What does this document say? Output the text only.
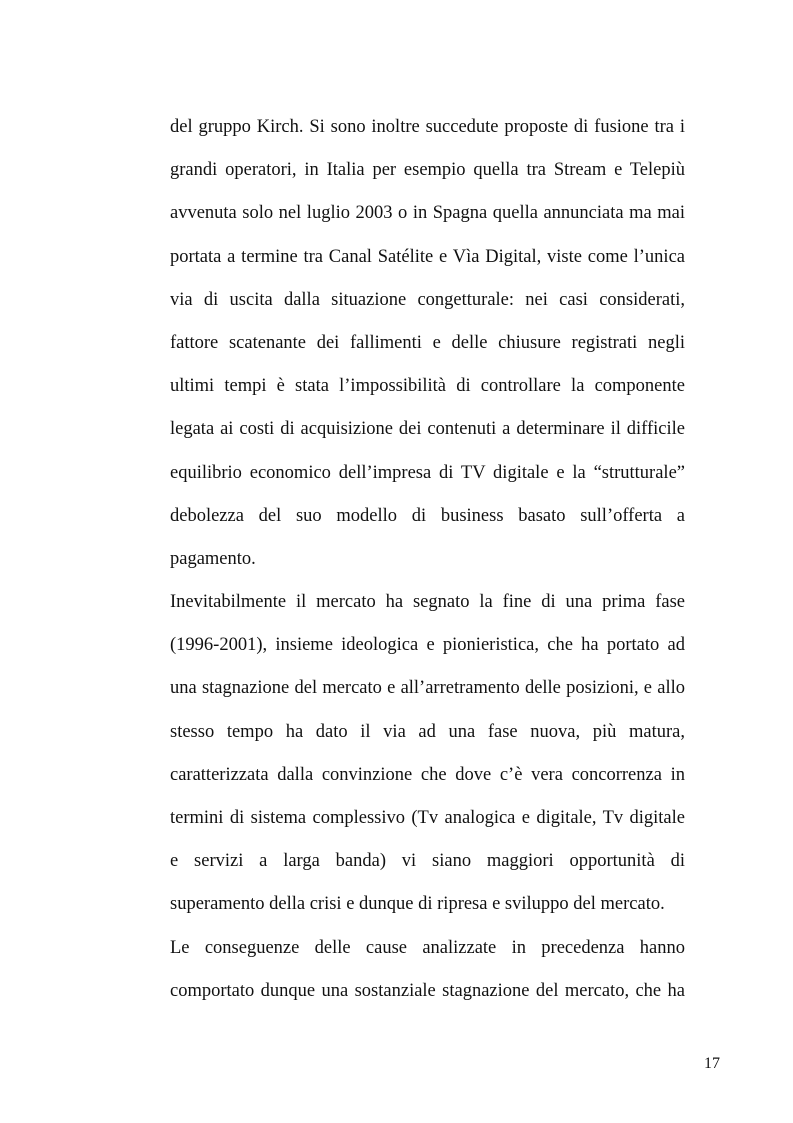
del gruppo Kirch. Si sono inoltre succedute proposte di fusione tra i
grandi operatori, in Italia per esempio quella tra Stream e Telepiù
avvenuta solo nel luglio 2003 o in Spagna quella annunciata ma mai
portata a termine tra Canal Satélite e Vìa Digital, viste come l’unica
via di uscita dalla situazione congetturale: nei casi considerati,
fattore scatenante dei fallimenti e delle chiusure registrati negli
ultimi tempi è stata l’impossibilità di controllare la componente
legata ai costi di acquisizione dei contenuti a determinare il difficile
equilibrio economico dell’impresa di TV digitale e la “strutturale”
debolezza del suo modello di business basato sull’offerta a
pagamento.
Inevitabilmente il mercato ha segnato la fine di una prima fase
(1996-2001), insieme ideologica e pionieristica, che ha portato ad
una stagnazione del mercato e all’arretramento delle posizioni, e allo
stesso tempo ha dato il via ad una fase nuova, più matura,
caratterizzata dalla convinzione che dove c’è vera concorrenza in
termini di sistema complessivo (Tv analogica e digitale, Tv digitale
e servizi a larga banda) vi siano maggiori opportunità di
superamento della crisi e dunque di ripresa e sviluppo del mercato.
Le conseguenze delle cause analizzate in precedenza hanno
comportato dunque una sostanziale stagnazione del mercato, che ha
17
